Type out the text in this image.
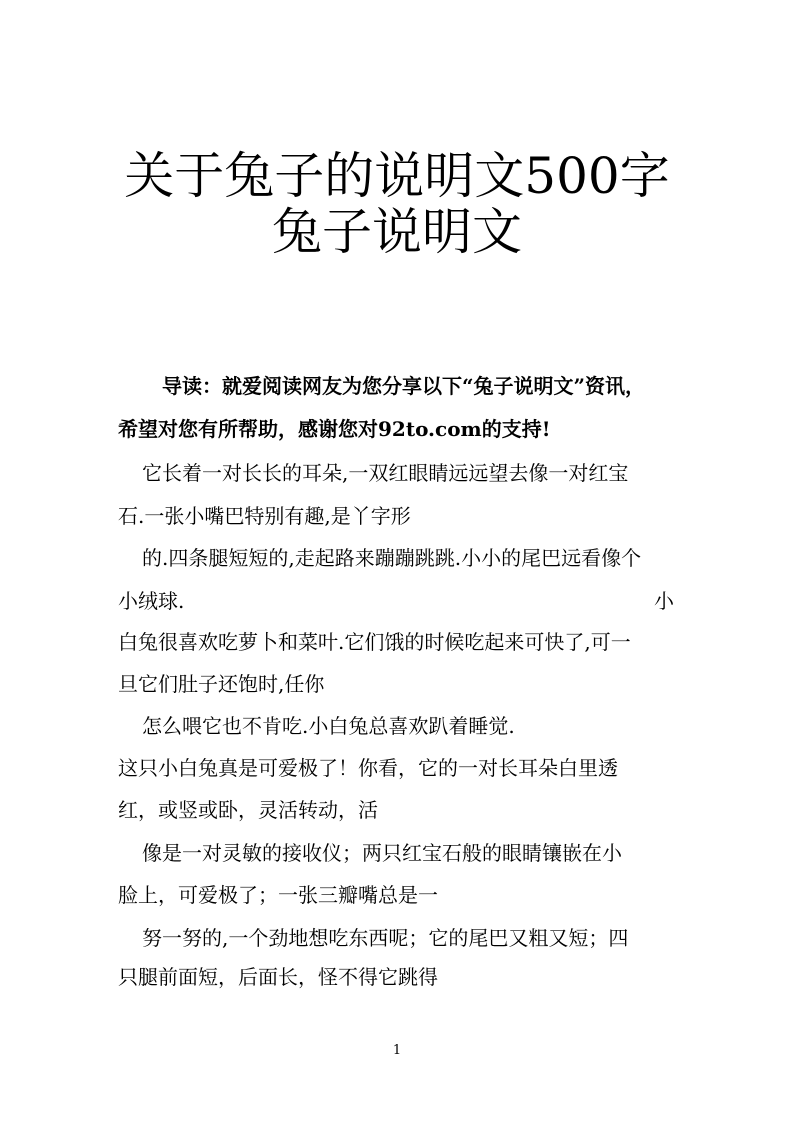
关于兔子的说明文500字
兔子说明文
导读：就爱阅读网友为您分享以下“兔子说明文”资讯，
希望对您有所帮助，感谢您对92to.com的支持!
它长着一对长长的耳朵,一双红眼睛远远望去像一对红宝
石.一张小嘴巴特别有趣,是丫字形
的.四条腿短短的,走起路来蹦蹦跳跳.小小的尾巴远看像个
小绒球.	小
白兔很喜欢吃萝卜和菜叶.它们饿的时候吃起来可快了,可一
旦它们肚子还饱时,任你
怎么喂它也不肯吃.小白兔总喜欢趴着睡觉.
这只小白兔真是可爱极了！你看，它的一对长耳朵白里透
红，或竖或卧，灵活转动，活
像是一对灵敏的接收仪；两只红宝石般的眼睛镶嵌在小
脸上，可爱极了；一张三瓣嘴总是一
努一努的,一个劲地想吃东西呢；它的尾巴又粗又短；四
只腿前面短，后面长，怪不得它跳得
1
